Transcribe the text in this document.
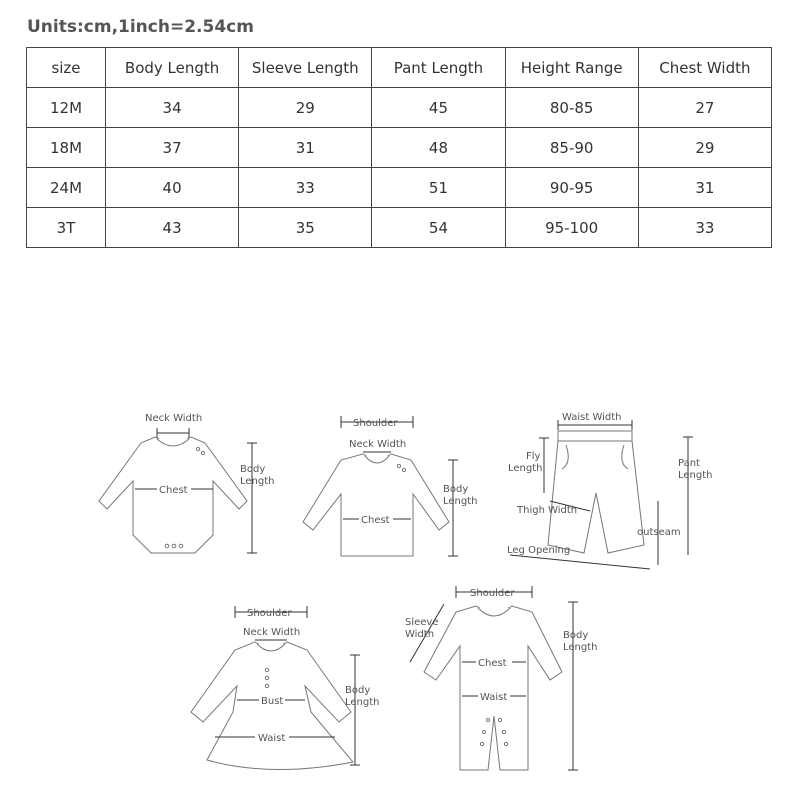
Units:cm,1inch=2.54cm
size	Body Length	Sleeve Length	Pant Length	Height Range	Chest Width
12M	34	29	45	80-85	27
18M	37	31	48	85-90	29
24M	40	33	51	90-95	31
3T	43	35	54	95-100	33
Neck Width
Chest
Body
Length
Shoulder
Neck Width
Chest
Body
Length
Waist Width
Fly
Length	Pant
Length
Thigh Width
outseam
Leg Opening
Shoulder
Neck Width
Bust
Waist
Body
Length
Shoulder
Sleeve
Width
Chest
Waist
Body
Length
